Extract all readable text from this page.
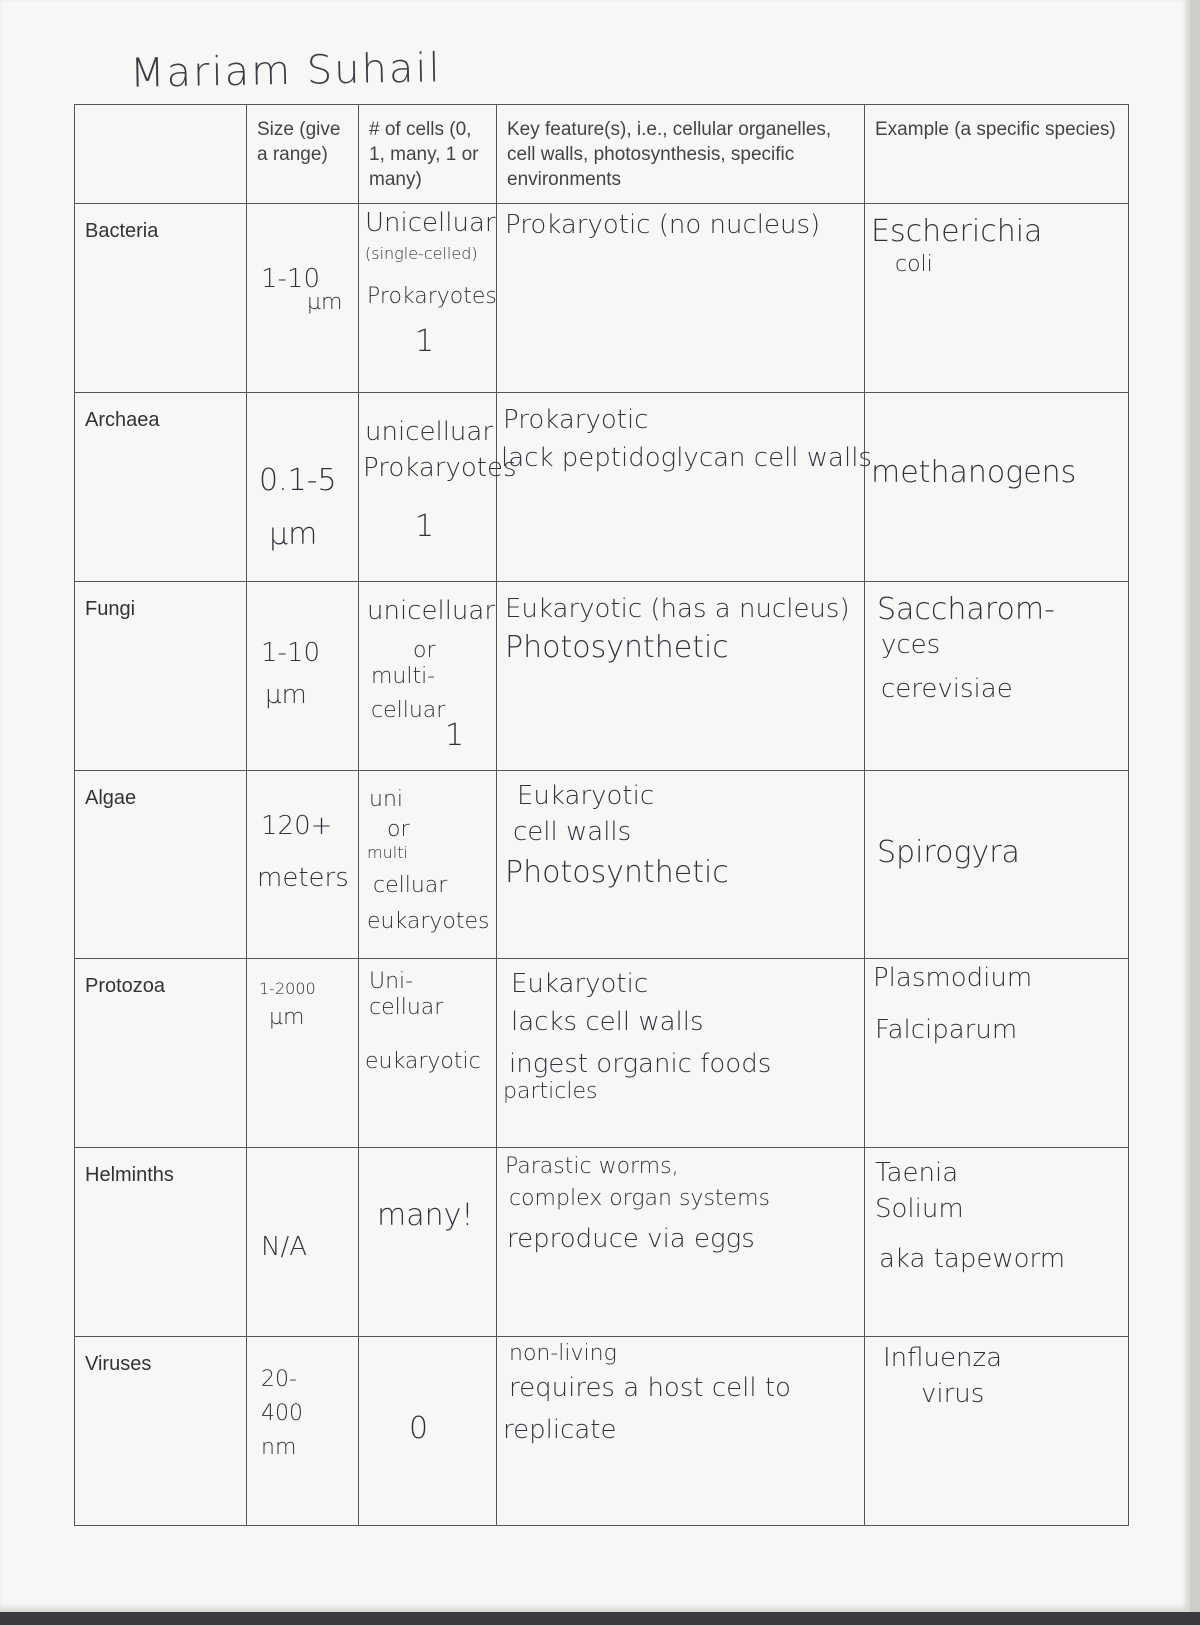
Mariam Suhail

	Size (give a range)	# of cells (0, 1, many, 1 or many)	Key feature(s), i.e., cellular organelles, cell walls, photosynthesis, specific environments	Example (a specific species)

Bacteria	1-10
µm	Unicelluar
(single-celled)
Prokaryotes
1	Prokaryotic (no nucleus)	Escherichia
coli

Archaea	0.1-5
µm	unicelluar
Prokaryotes
1	Prokaryotic
lack peptidoglycan cell walls	methanogens

Fungi	1-10
µm	unicelluar
or
multi-
celluar
1	Eukaryotic (has a nucleus)
Photosynthetic	Saccharom-
yces
cerevisiae

Algae	120+
meters	uni
or
multi
celluar
eukaryotes	Eukaryotic
cell walls
Photosynthetic	Spirogyra

Protozoa	1-2000
µm	Uni-
celluar
eukaryotic	Eukaryotic
lacks cell walls
ingest organic foods
particles	Plasmodium
Falciparum

Helminths	N/A	many!	Parastic worms,
complex organ systems
reproduce via eggs	Taenia
Solium
aka tapeworm

Viruses	20-
400
nm	0	non-living
requires a host cell to
replicate	Influenza
virus
